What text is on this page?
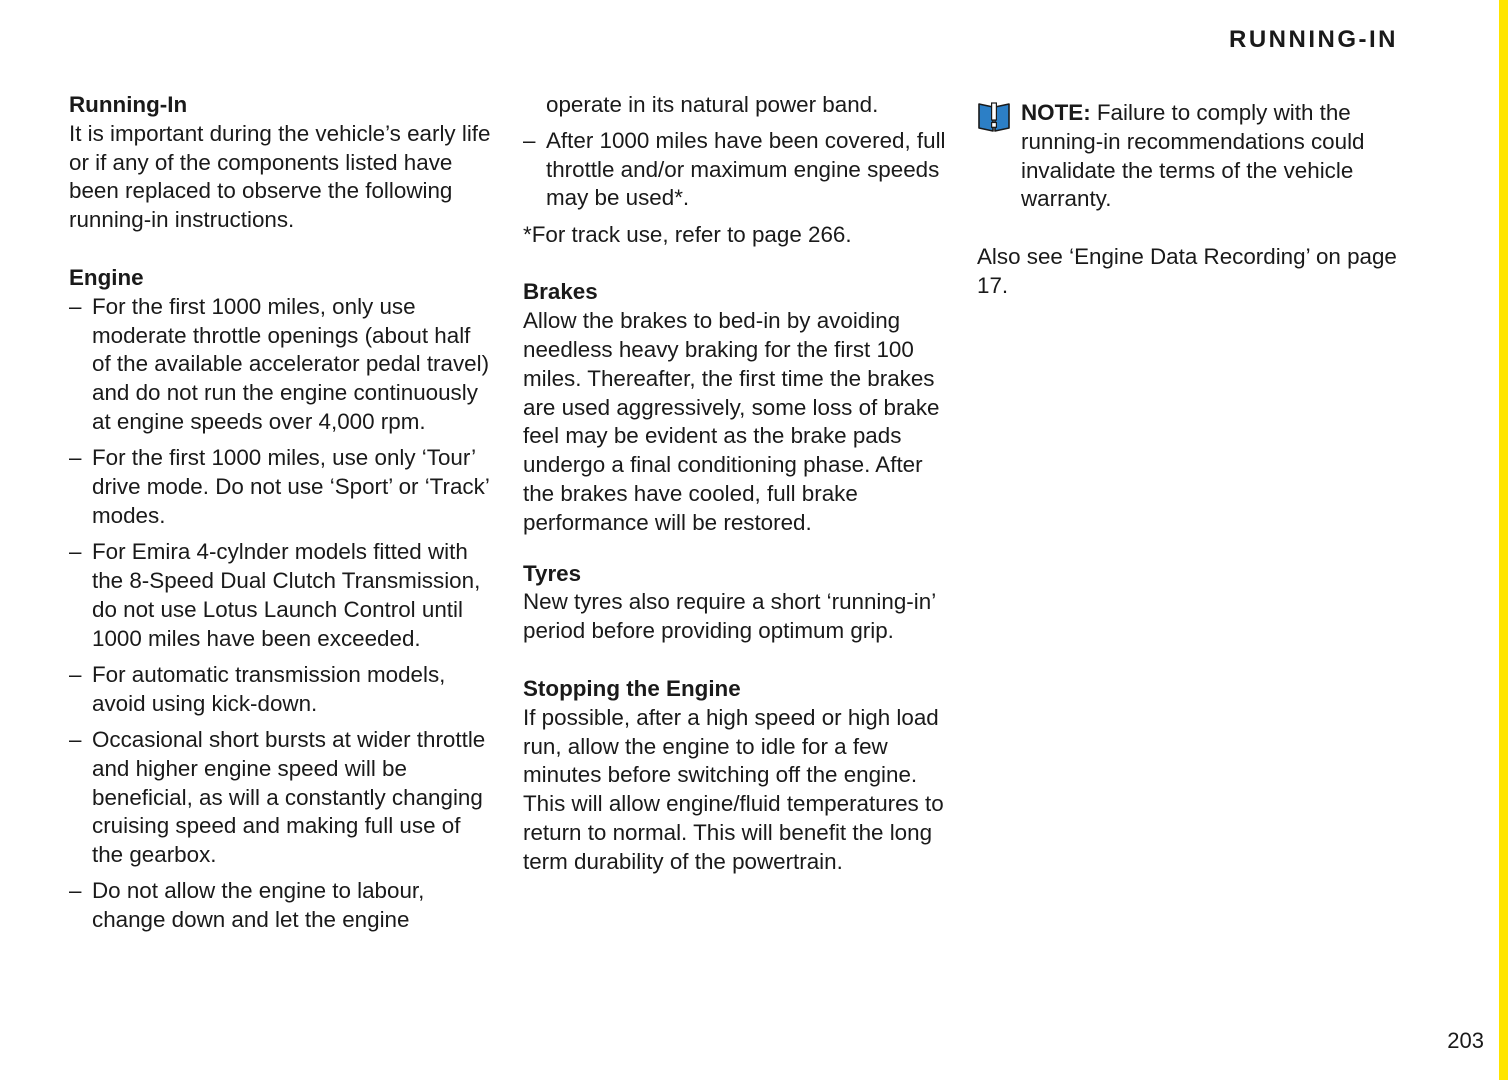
RUNNING-IN
Running-In

It is important during the vehicle’s early life or if any of the components listed have been replaced to observe the following running-in instructions.

Engine
– For the first 1000 miles, only use moderate throttle openings (about half of the available accelerator pedal travel) and do not run the engine continuously at engine speeds over 4,000 rpm.
– For the first 1000 miles, use only ‘Tour’ drive mode. Do not use ‘Sport’ or ‘Track’ modes.
– For Emira 4-cylnder models fitted with the 8-Speed Dual Clutch Transmission, do not use Lotus Launch Control until 1000 miles have been exceeded.
– For automatic transmission models, avoid using kick-down.
– Occasional short bursts at wider throttle and higher engine speed will be beneficial, as will a constantly changing cruising speed and making full use of the gearbox.
– Do not allow the engine to labour, change down and let the engine
operate in its natural power band.
– After 1000 miles have been covered, full throttle and/or maximum engine speeds may be used*.

*For track use, refer to page 266.

Brakes

Allow the brakes to bed-in by avoiding needless heavy braking for the first 100 miles. Thereafter, the first time the brakes are used aggressively, some loss of brake feel may be evident as the brake pads undergo a final conditioning phase. After the brakes have cooled, full brake performance will be restored.

Tyres

New tyres also require a short ‘running-in’ period before providing optimum grip.

Stopping the Engine

If possible, after a high speed or high load run, allow the engine to idle for a few minutes before switching off the engine. This will allow engine/fluid temperatures to return to normal. This will benefit the long term durability of the powertrain.

NOTE: Failure to comply with the running-in recommendations could invalidate the terms of the vehicle warranty.

Also see ‘Engine Data Recording’ on page 17.

203
